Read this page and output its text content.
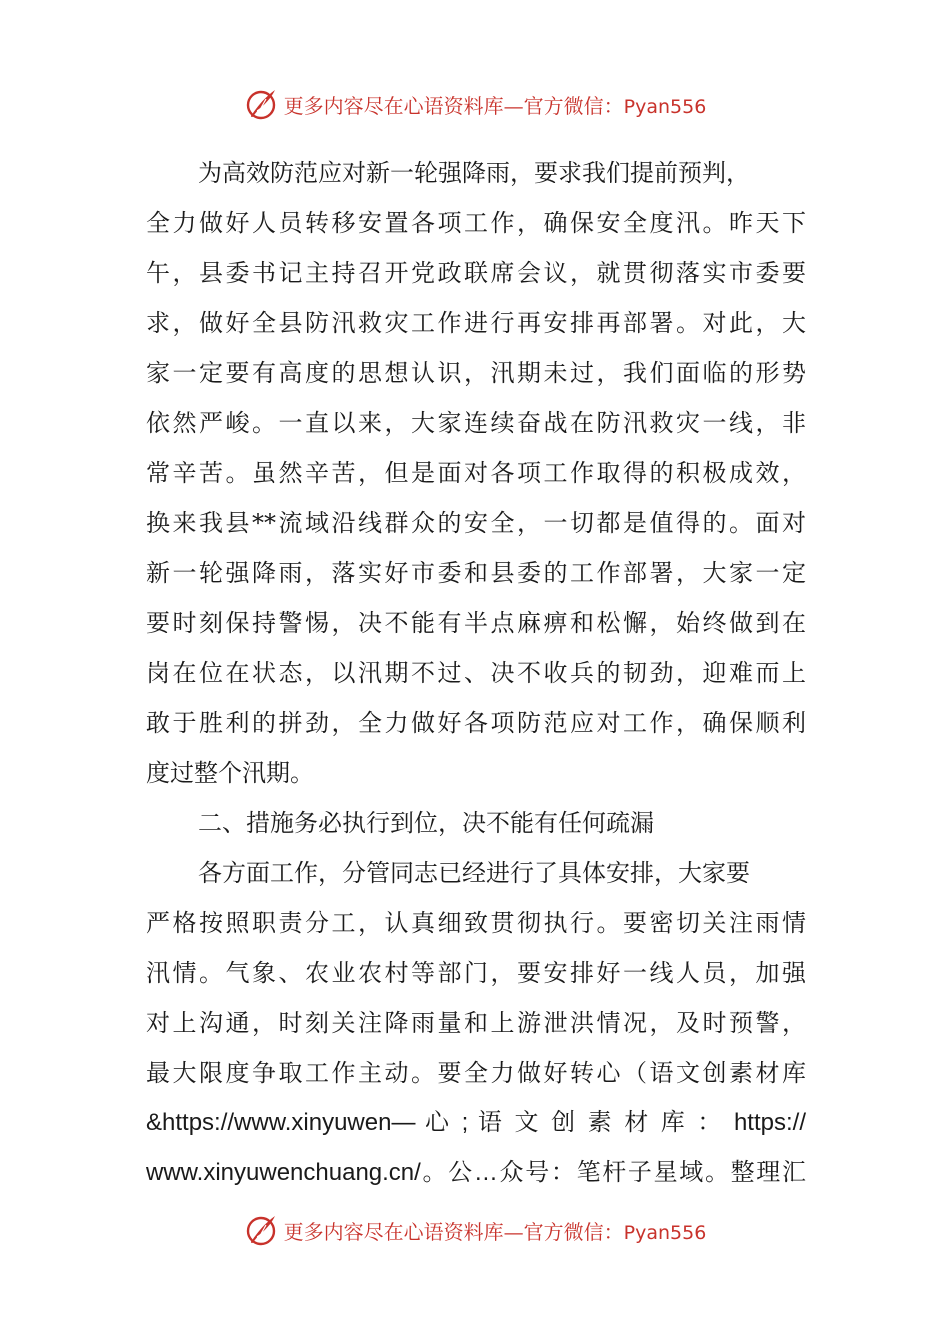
更多内容尽在心语资料库—官方微信：Pyan556
为高效防范应对新一轮强降雨，要求我们提前预判，
全力做好人员转移安置各项工作，确保安全度汛。昨天下
午，县委书记主持召开党政联席会议，就贯彻落实市委要
求，做好全县防汛救灾工作进行再安排再部署。对此，大
家一定要有高度的思想认识，汛期未过，我们面临的形势
依然严峻。一直以来，大家连续奋战在防汛救灾一线，非
常辛苦。虽然辛苦，但是面对各项工作取得的积极成效，
换来我县**流域沿线群众的安全，一切都是值得的。面对
新一轮强降雨，落实好市委和县委的工作部署，大家一定
要时刻保持警惕，决不能有半点麻痹和松懈，始终做到在
岗在位在状态，以汛期不过、决不收兵的韧劲，迎难而上
敢于胜利的拼劲，全力做好各项防范应对工作，确保顺利
度过整个汛期。
二、措施务必执行到位，决不能有任何疏漏
各方面工作，分管同志已经进行了具体安排，大家要
严格按照职责分工，认真细致贯彻执行。要密切关注雨情
汛情。气象、农业农村等部门，要安排好一线人员，加强
对上沟通，时刻关注降雨量和上游泄洪情况，及时预警，
最大限度争取工作主动。要全力做好转心（语文创素材库
&https://www.xinyuwen— 心 ; 语 文 创 素 材 库 ： https://
www.xinyuwenchuang.cn/。公…众号：笔杆子星域。整理汇
更多内容尽在心语资料库—官方微信：Pyan556
